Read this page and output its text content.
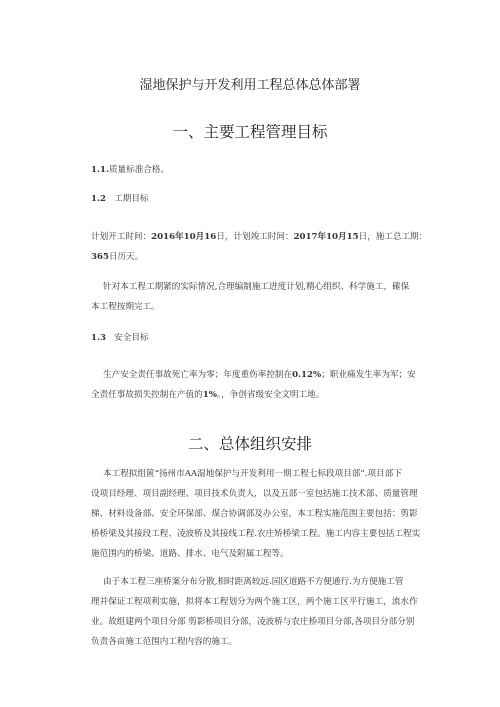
湿地保护与开发利用工程总体总体部署
一、主要工程管理目标
1.1.质量标准合格。
1.2 工期目标
计划开工时间：2016年10月16日，计划竣工时间：2017年10月15日，施工总工期：
365日历天。
针对本工程工期紧的实际情况,合理编制施工进度计划,精心组织、科学施工，確保
本工程按期完工。
1.3 安全目标
生产安全责任事故死亡率为零；年度重伤率控制在0.12%；职业痛发生率为军；安
全责任事故损失控制在产值的1%。，争创省级安全文明工地。
二、总体组织安排
本工程拟组篋“扬州市AA湿地保护与开发利用一期工程七标段项目部”.项目部下
设项目经理、项目副经理、项目技术负责人，以及五部一室包括施工技术部、质量管理
梯、材料设备部、安全环保部、煤合协调部及办公室，本工程实施范围主要包括：剪影
桥桥梁及其接段工程、凌波桥及其接线工程.农庄矫桥梁工程。施工内容主要包括工程实
施范围内的桥梁、道路、排水、电气及附属工程等。
由于本工程三座桥案分布分散,相时距离较远.园区道路不方便通行.为方便施工管
理并保证工程项利实施，拟将本工程划分为两个施工区，两个施工区平行施工，流水作
业。故组建两个项目分部 剪影桥项目分部，凌波桥与农庄桥项目分部,各项目分部分别
负责各亩施工范围内工程内容的施工。
